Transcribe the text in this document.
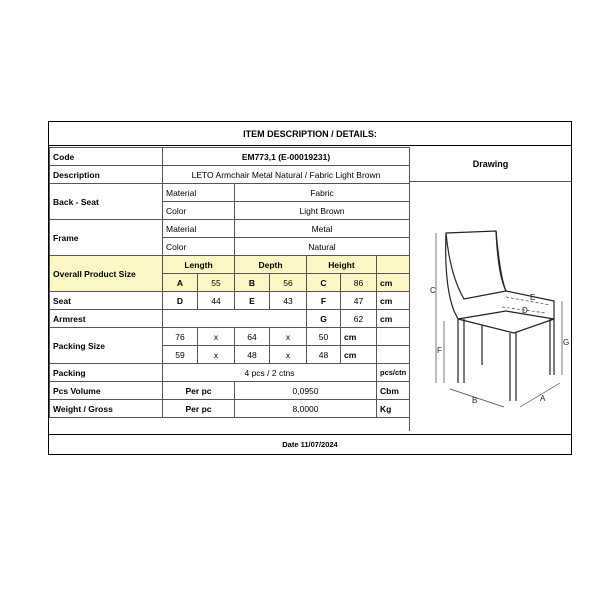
ITEM DESCRIPTION / DETAILS:
Code	EM773,1 (E-00019231)						
Description	LETO Armchair Metal Natural / Fabric Light Brown						
Back - Seat	Material		Fabric				
	Color		Light Brown				
Frame	Material		Metal				
	Color		Natural				
Overall Product Size	Length		Depth		Height		
	A	55	B	56	C	86	cm
Seat	D	44	E	43	F	47	cm
Armrest					G	62	cm
Packing Size	76	x	64	x	50	cm	
	59	x	48	x	48	cm	
Packing	4 pcs / 2 ctns						pcs/ctn
Pcs Volume	Per pc		0,0950				Cbm
Weight / Gross	Per pc		8,0000				Kg
Drawing
C
F
G
E
D
B	A
Date 11/07/2024
